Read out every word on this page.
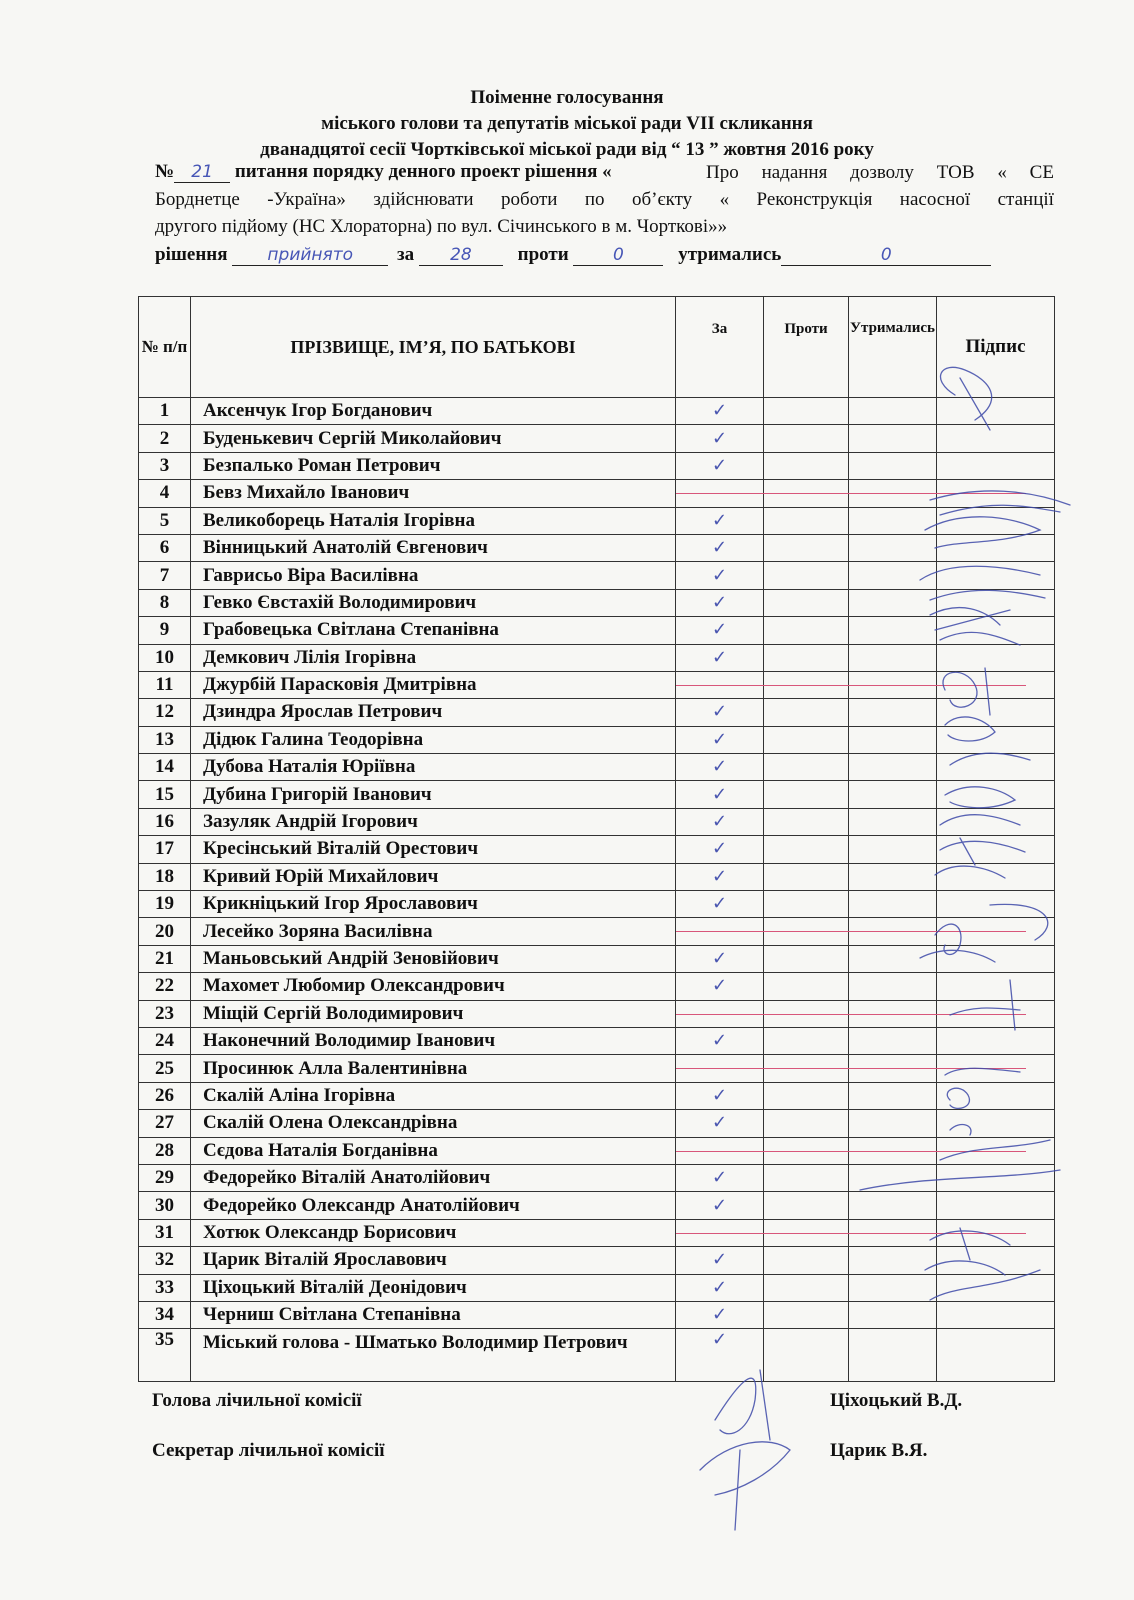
Поіменне голосування
міського голови та депутатів міської ради VII скликання
дванадцятої сесії Чортківської міської ради від “ 13 ” жовтня 2016 року
№ 21 питання порядку денного проект рішення «	Про надання дозволу ТОВ « СЕ
Борднетце -Україна» здійснювати роботи по об’єкту « Реконструкція насосної станції
другого підйому (НС Хлораторна) по вул. Січинського в м. Чорткові»»
рішення прийнято за 28 проти	0	утримались	0
№ п/п	ПРІЗВИЩЕ, ІМ’Я, ПО БАТЬКОВІ	За	Проти	Утримались	Підпис
1	Аксенчук Ігор Богданович	✓			
2	Буденькевич Сергій Миколайович	✓			
3	Безпалько Роман Петрович	✓			
4	Бевз Михайло Іванович				
5	Великоборець Наталія Ігорівна	✓			
6	Вінницький Анатолій Євгенович	✓			
7	Гаврисьо Віра Василівна	✓			
8	Гевко Євстахій Володимирович	✓			
9	Грабовецька Світлана Степанівна	✓			
10	Демкович Лілія Ігорівна	✓			
11	Джурбій Парасковія Дмитрівна				
12	Дзиндра Ярослав Петрович	✓			
13	Дідюк Галина Теодорівна	✓			
14	Дубова Наталія Юріївна	✓			
15	Дубина Григорій Іванович	✓			
16	Зазуляк Андрій Ігорович	✓			
17	Кресінський Віталій Орестович	✓			
18	Кривий Юрій Михайлович	✓			
19	Крикніцький Ігор Ярославович	✓			
20	Лесейко Зоряна Василівна				
21	Маньовський Андрій Зеновійович	✓			
22	Махомет Любомир Олександрович	✓			
23	Міщій Сергій Володимирович				
24	Наконечний Володимир Іванович	✓			
25	Просинюк Алла Валентинівна				
26	Скалій Аліна Ігорівна	✓			
27	Скалій Олена Олександрівна	✓			
28	Сєдова Наталія Богданівна				
29	Федорейко Віталій Анатолійович	✓			
30	Федорейко Олександр Анатолійович	✓			
31	Хотюк Олександр Борисович				
32	Царик Віталій Ярославович	✓			
33	Ціхоцький Віталій Деонідович	✓			
34	Черниш Світлана Степанівна	✓			
35	Міський голова - Шматько Володимир Петрович	✓			
Голова лічильної комісії	Ціхоцький В.Д.
Секретар лічильної комісії	Царик В.Я.
